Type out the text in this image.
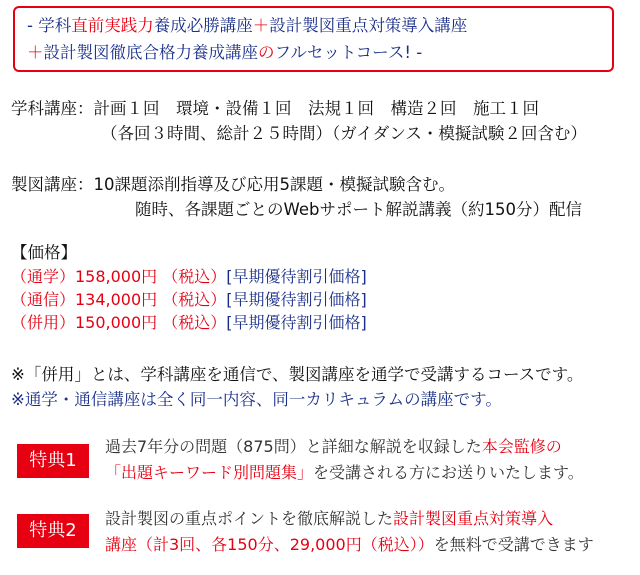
- 学科直前実践力養成必勝講座＋設計製図重点対策導入講座
＋設計製図徹底合格力養成講座のフルセットコース! -
学科講座：計画１回　環境・設備１回　法規１回　構造２回　施工１回
（各回３時間、総計２５時間）（ガイダンス・模擬試験２回含む）
製図講座：10課題添削指導及び応用5課題・模擬試験含む。
随時、各課題ごとのWebサポート解説講義（約150分）配信
【価格】
（通学）158,000円 （税込）[早期優待割引価格]
（通信）134,000円 （税込）[早期優待割引価格]
（併用）150,000円 （税込）[早期優待割引価格]
※「併用」とは、学科講座を通信で、製図講座を通学で受講するコースです。
※通学・通信講座は全く同一内容、同一カリキュラムの講座です。
特典1
過去7年分の問題（875問）と詳細な解説を収録した本会監修の
「出題キーワード別問題集」を受講される方にお送りいたします。
特典2
設計製図の重点ポイントを徹底解説した設計製図重点対策導入
講座（計3回、各150分、29,000円（税込））を無料で受講できます
